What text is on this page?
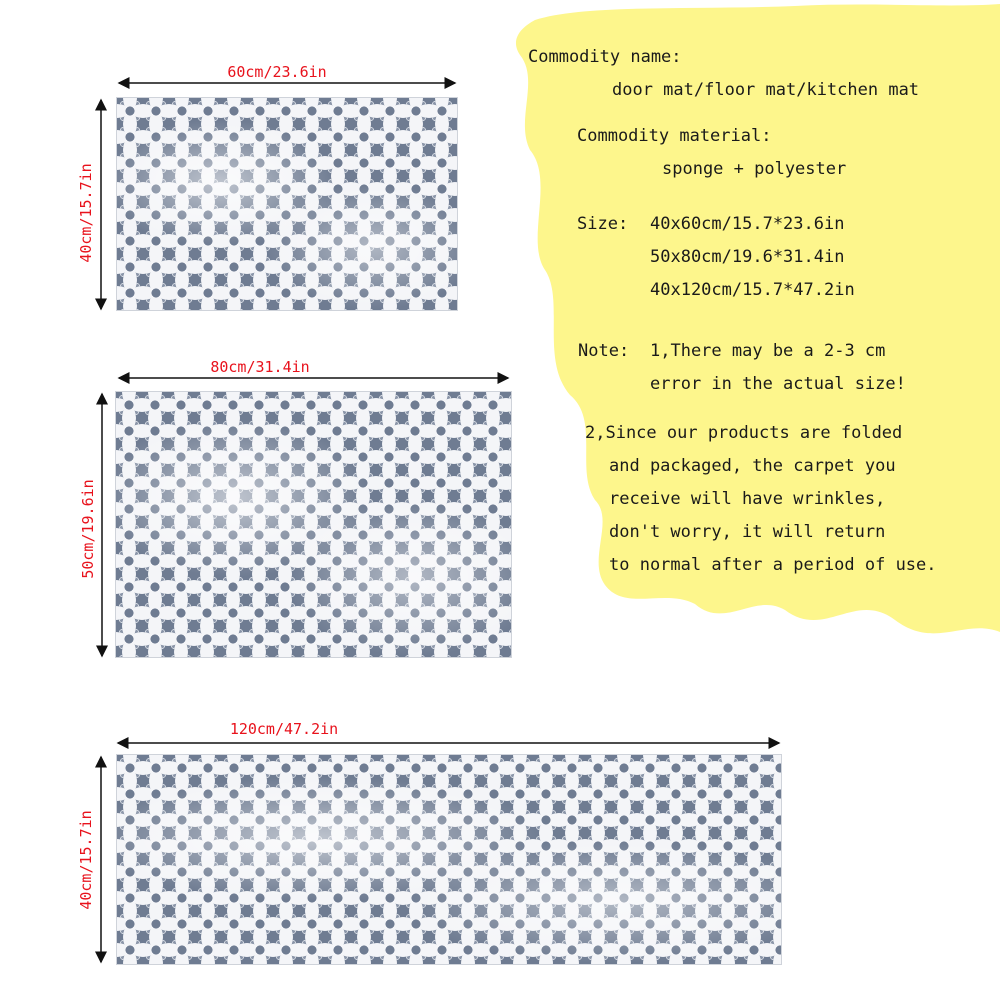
60cm/23.6in
40cm/15.7in
80cm/31.4in
50cm/19.6in
120cm/47.2in
40cm/15.7in
Commodity name:
door mat/floor mat/kitchen mat
Commodity material:
sponge + polyester
Size: 40x60cm/15.7*23.6in
50x80cm/19.6*31.4in
40x120cm/15.7*47.2in
Note: 1,There may be a 2-3 cm
error in the actual size!
2,Since our products are folded
and packaged, the carpet you
receive will have wrinkles,
don't worry, it will return
to normal after a period of use.
